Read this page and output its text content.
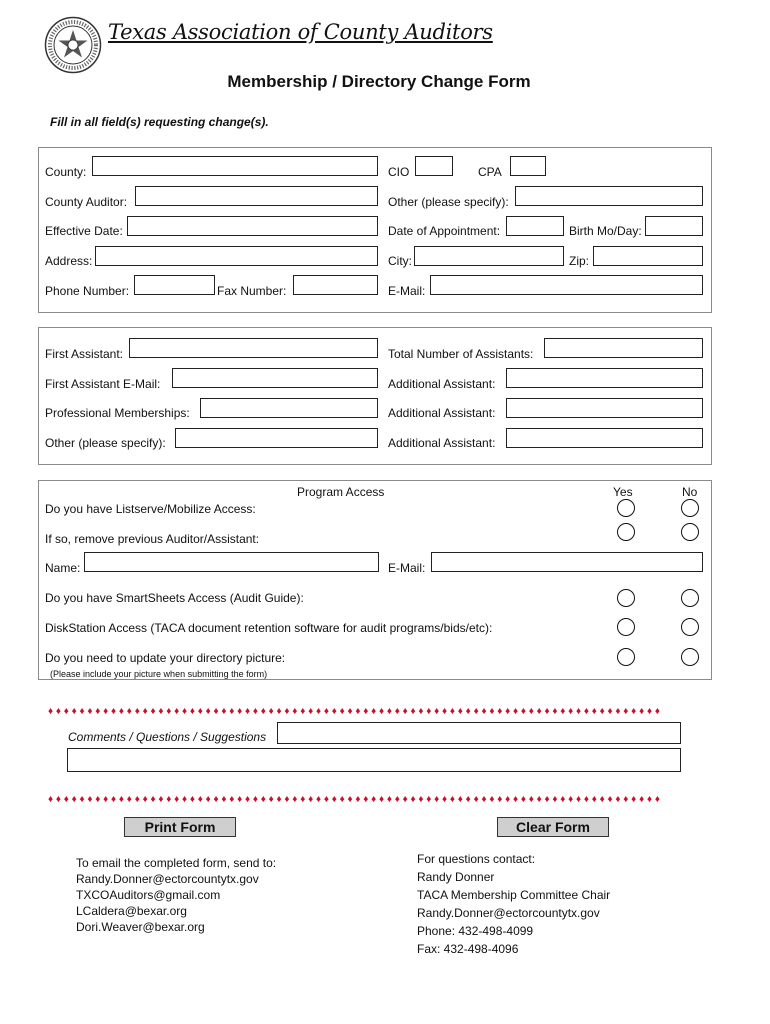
Texas Association of County Auditors
Membership / Directory Change Form
Fill in all field(s) requesting change(s).
County:	CIO	CPA
County Auditor:	Other (please specify):
Effective Date:	Date of Appointment:	Birth Mo/Day:
Address:	City:	Zip:
Phone Number:	Fax Number:	E-Mail:
First Assistant:	Total Number of Assistants:
First Assistant E-Mail:	Additional Assistant:
Professional Memberships:	Additional Assistant:
Other (please specify):	Additional Assistant:
Program Access	Yes	No
Do you have Listserve/Mobilize Access:
If so, remove previous Auditor/Assistant:
Name:	E-Mail:
Do you have SmartSheets Access (Audit Guide):
DiskStation Access (TACA document retention software for audit programs/bids/etc):
Do you need to update your directory picture:
(Please include your picture when submitting the form)
♦ ♦ ♦ ♦ ♦ ♦ ♦ ♦ ♦ ♦ ♦ ♦ ♦ ♦ ♦ ♦ ♦ ♦ ♦ ♦ ♦ ♦ ♦ ♦ ♦ ♦ ♦ ♦ ♦ ♦ ♦ ♦ ♦ ♦ ♦ ♦ ♦ ♦ ♦ ♦ ♦ ♦ ♦ ♦ ♦ ♦ ♦ ♦ ♦ ♦ ♦ ♦ ♦ ♦ ♦ ♦ ♦ ♦ ♦ ♦ ♦ ♦ ♦ ♦ ♦ ♦ ♦ ♦ ♦ ♦ ♦ ♦ ♦ ♦ ♦ ♦ ♦ ♦
Comments / Questions / Suggestions
♦ ♦ ♦ ♦ ♦ ♦ ♦ ♦ ♦ ♦ ♦ ♦ ♦ ♦ ♦ ♦ ♦ ♦ ♦ ♦ ♦ ♦ ♦ ♦ ♦ ♦ ♦ ♦ ♦ ♦ ♦ ♦ ♦ ♦ ♦ ♦ ♦ ♦ ♦ ♦ ♦ ♦ ♦ ♦ ♦ ♦ ♦ ♦ ♦ ♦ ♦ ♦ ♦ ♦ ♦ ♦ ♦ ♦ ♦ ♦ ♦ ♦ ♦ ♦ ♦ ♦ ♦ ♦ ♦ ♦ ♦ ♦ ♦ ♦ ♦ ♦ ♦ ♦
Print Form	Clear Form
To email the completed form, send to:
Randy.Donner@ectorcountytx.gov
TXCOAuditors@gmail.com
LCaldera@bexar.org
Dori.Weaver@bexar.org
For questions contact:
Randy Donner
TACA Membership Committee Chair
Randy.Donner@ectorcountytx.gov
Phone: 432-498-4099
Fax: 432-498-4096
